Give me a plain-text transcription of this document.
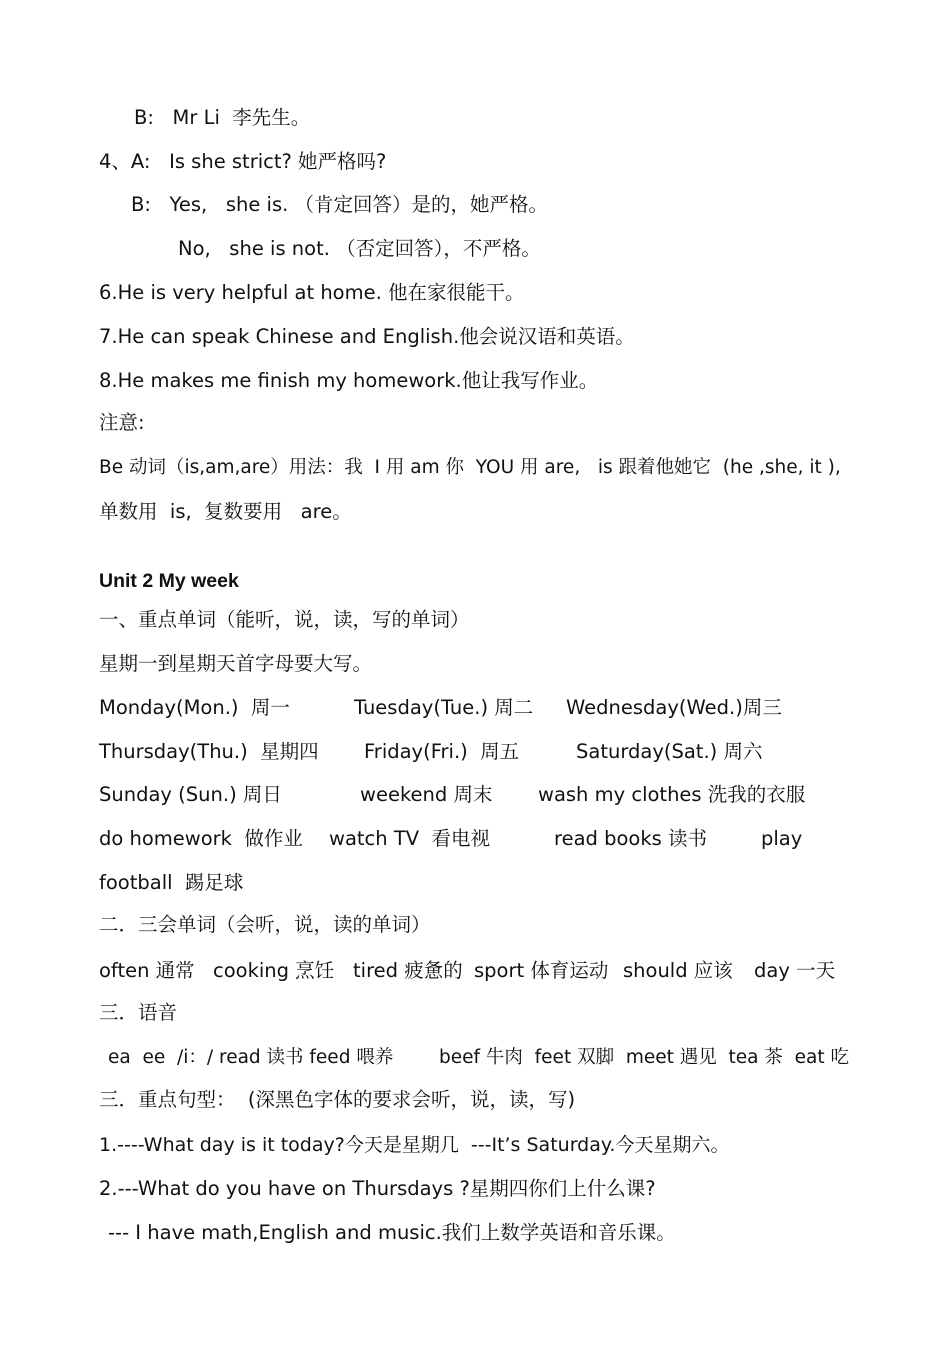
B:   Mr Li  李先生。
4、A:   Is she strict? 她严格吗?
B:   Yes,   she is. （肯定回答）是的，她严格。
No,   she is not. （否定回答），不严格。
6.He is very helpful at home. 他在家很能干。
7.He can speak Chinese and English.他会说汉语和英语。
8.He makes me finish my homework.他让我写作业。
注意:
Be 动词（is,am,are）用法：我  I 用 am 你  YOU 用 are,   is 跟着他她它  (he ,she, it ),
单数用  is,  复数要用   are。
Unit 2 My week
一、重点单词（能听，说，读，写的单词）
星期一到星期天首字母要大写。

Monday(Mon.)  周一

	Tuesday(Tue.) 周二

Wednesday(Wed.)周三

Thursday(Thu.)  星期四

Friday(Fri.)  周五

	Saturday(Sat.) 周六

Sunday (Sun.) 周日

	weekend 周末

wash my clothes 洗我的衣服

do homework  做作业

watch TV  看电视

	read books 读书

	play

football  踢足球
二．三会单词（会听，说，读的单词）

often 通常

cooking 烹饪

tired 疲惫的

sport 体育运动

should 应该

day 一天

三．语音

ea  ee  /i：/ read 读书 feed 喂养

beef 牛肉  feet 双脚  meet 遇见  tea 茶  eat 吃

三．重点句型：  (深黑色字体的要求会听，说，读，写)
1.----What day is it today?今天是星期几  ---It’s Saturday.今天星期六。
2.---What do you have on Thursdays ?星期四你们上什么课?
--- I have math,English and music.我们上数学英语和音乐课。
